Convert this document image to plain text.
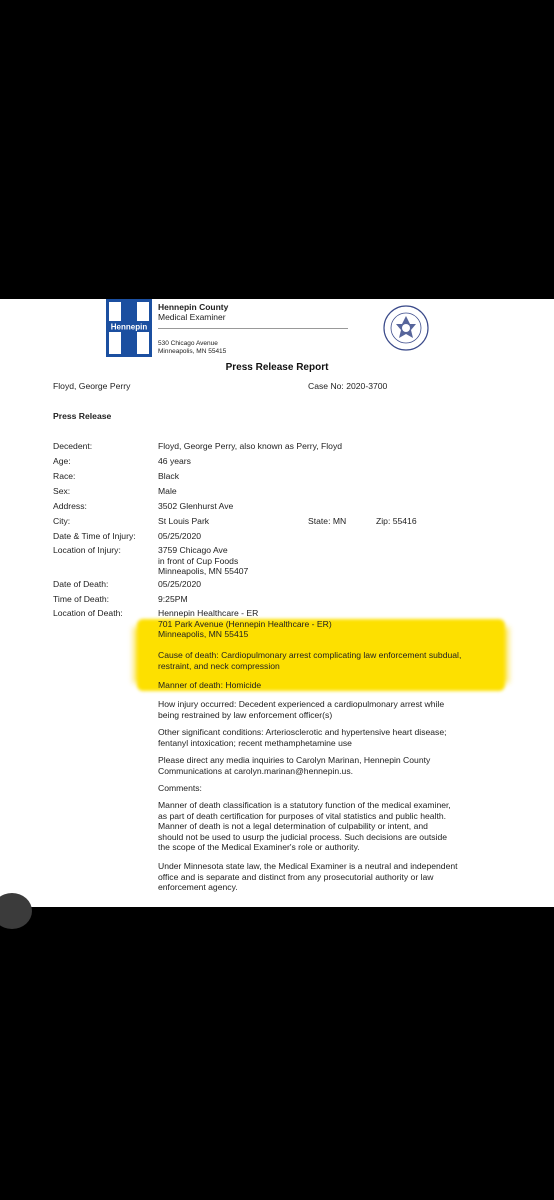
Hennepin
Hennepin County
Medical Examiner
530 Chicago Avenue
Minneapolis, MN 55415
Press Release Report
Floyd, George Perry	Case No: 2020-3700
Press Release
Decedent:	Floyd, George Perry, also known as Perry, Floyd
Age:	46 years
Race:	Black
Sex:	Male
Address:	3502 Glenhurst Ave
City:	St Louis Park	State: MN	Zip: 55416
Date & Time of Injury:	05/25/2020
Location of Injury:	3759 Chicago Ave
in front of Cup Foods
Minneapolis, MN 55407
Date of Death:	05/25/2020
Time of Death:	9:25PM
Location of Death:	Hennepin Healthcare - ER
701 Park Avenue (Hennepin Healthcare - ER)
Minneapolis, MN 55415
Cause of death: Cardiopulmonary arrest complicating law enforcement subdual,
restraint, and neck compression
Manner of death: Homicide
How injury occurred: Decedent experienced a cardiopulmonary arrest while
being restrained by law enforcement officer(s)
Other significant conditions: Arteriosclerotic and hypertensive heart disease;
fentanyl intoxication; recent methamphetamine use
Please direct any media inquiries to Carolyn Marinan, Hennepin County
Communications at carolyn.marinan@hennepin.us.
Comments:
Manner of death classification is a statutory function of the medical examiner,
as part of death certification for purposes of vital statistics and public health.
Manner of death is not a legal determination of culpability or intent, and
should not be used to usurp the judicial process. Such decisions are outside
the scope of the Medical Examiner's role or authority.
Under Minnesota state law, the Medical Examiner is a neutral and independent
office and is separate and distinct from any prosecutorial authority or law
enforcement agency.
